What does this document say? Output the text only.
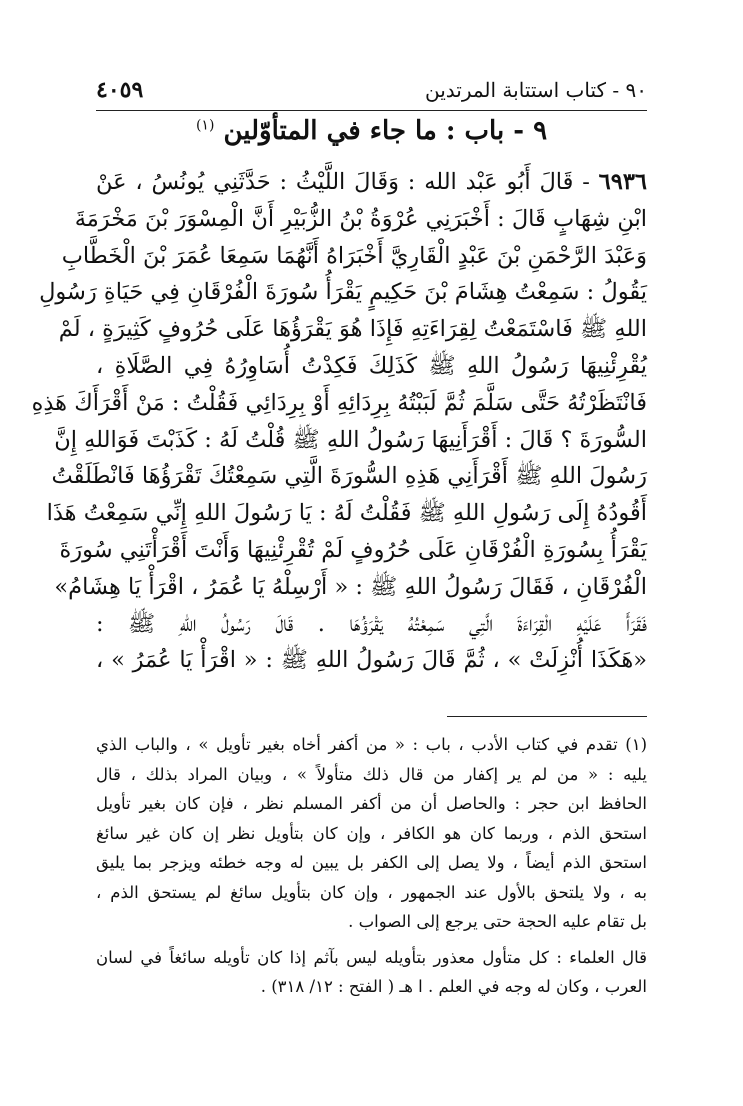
٤٠٥٩	٩٠ - كتاب استتابة المرتدين
٩ - باب : ما جاء في المتأوّلين $^{(١)}$
٦٩٣٦ - قَالَ أَبُو عَبْد الله : وَقَالَ اللَّيْثُ : حَدَّثَنِي يُونُسُ ، عَنْ
ابْنِ شِهَابٍ قَالَ : أَخْبَرَنِي عُرْوَةُ بْنُ الزُّبَيْرِ أَنَّ الْمِسْوَرَ بْنَ مَخْرَمَةَ
وَعَبْدَ الرَّحْمَنِ بْنَ عَبْدٍ الْقَارِيَّ أَخْبَرَاهُ أَنَّهُمَا سَمِعَا عُمَرَ بْنَ الْخَطَّابِ
يَقُولُ : سَمِعْتُ هِشَامَ بْنَ حَكِيمٍ يَقْرَأُ سُورَةَ الْفُرْقَانِ فِي حَيَاةِ رَسُولِ
اللهِ ﷺ فَاسْتَمَعْتُ لِقِرَاءَتِهِ فَإِذَا هُوَ يَقْرَؤُهَا عَلَى حُرُوفٍ كَثِيرَةٍ ، لَمْ
يُقْرِئْنِيهَا رَسُولُ اللهِ ﷺ كَذَلِكَ فَكِدْتُ أُسَاوِرُهُ فِي الصَّلَاةِ ،
فَانْتَظَرْتُهُ حَتَّى سَلَّمَ ثُمَّ لَبَبْتُهُ بِرِدَائِهِ أَوْ بِرِدَائِي فَقُلْتُ : مَنْ أَقْرَأَكَ هَذِهِ
السُّورَةَ ؟ قَالَ : أَقْرَأَنِيهَا رَسُولُ اللهِ ﷺ قُلْتُ لَهُ : كَذَبْتَ فَوَاللهِ إِنَّ
رَسُولَ اللهِ ﷺ أَقْرَأَنِي هَذِهِ السُّورَةَ الَّتِي سَمِعْتُكَ تَقْرَؤُهَا فَانْطَلَقْتُ
أَقُودُهُ إِلَى رَسُولِ اللهِ ﷺ فَقُلْتُ لَهُ : يَا رَسُولَ اللهِ إِنِّي سَمِعْتُ هَذَا
يَقْرَأُ بِسُورَةِ الْفُرْقَانِ عَلَى حُرُوفٍ لَمْ تُقْرِئْنِيهَا وَأَنْتَ أَقْرَأْتَنِي سُورَةَ
الْفُرْقَانِ ، فَقَالَ رَسُولُ اللهِ ﷺ : « أَرْسِلْهُ يَا عُمَرُ ، اقْرَأْ يَا هِشَامُ»
فَقَرَأَ عَلَيْهِ الْقِرَاءَةَ الَّتِي سَمِعْتُهُ يَقْرَؤُهَا . قَالَ رَسُولُ اللهِ ﷺ :
«هَكَذَا أُنْزِلَتْ » ، ثُمَّ قَالَ رَسُولُ اللهِ ﷺ : « اقْرَأْ يَا عُمَرُ » ،
(١) تقدم في كتاب الأدب ، باب : « من أكفر أخاه بغير تأويل » ، والباب الذي
يليه : « من لم ير إكفار من قال ذلك متأولاً » ، وبيان المراد بذلك ، قال
الحافظ ابن حجر : والحاصل أن من أكفر المسلم نظر ، فإن كان بغير تأويل
استحق الذم ، وربما كان هو الكافر ، وإن كان بتأويل نظر إن كان غير سائغ
استحق الذم أيضاً ، ولا يصل إلى الكفر بل يبين له وجه خطئه ويزجر بما يليق
به ، ولا يلتحق بالأول عند الجمهور ، وإن كان بتأويل سائغ لم يستحق الذم ،
بل تقام عليه الحجة حتى يرجع إلى الصواب .
قال العلماء : كل متأول معذور بتأويله ليس بآثم إذا كان تأويله سائغاً في لسان
العرب ، وكان له وجه في العلم . ا هـ ( الفتح : ١٢/ ٣١٨) .
